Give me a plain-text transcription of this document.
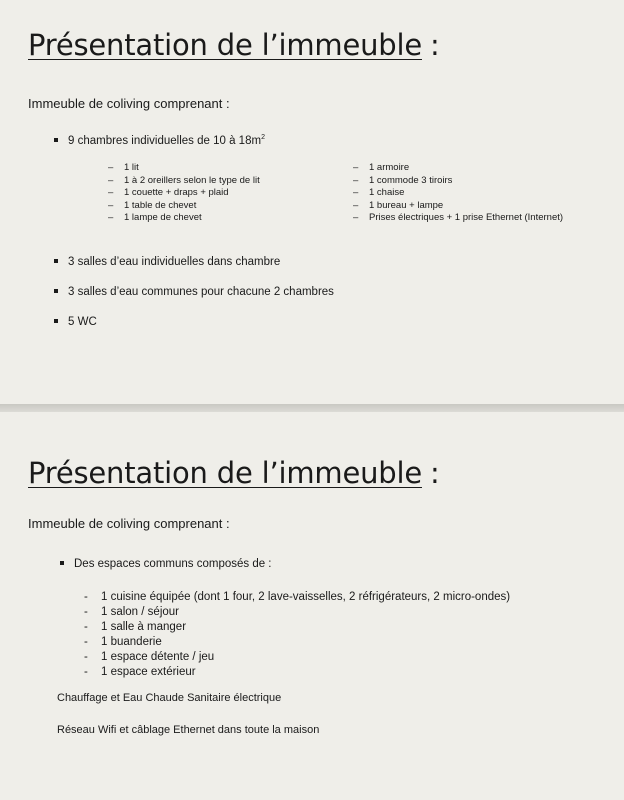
Présentation de l’immeuble :

Immeuble de coliving comprenant :

9 chambres individuelles de 10 à $18m^2$
– 1 lit
– 1 à 2 oreillers selon le type de lit
– 1 couette + draps + plaid
– 1 table de chevet
– 1 lampe de chevet
– 1 armoire
– 1 commode 3 tiroirs
– 1 chaise
– 1 bureau + lampe
– Prises électriques + 1 prise Ethernet (Internet)
3 salles d’eau individuelles dans chambre
3 salles d’eau communes pour chacune 2 chambres
5 WC
Présentation de l’immeuble :

Immeuble de coliving comprenant :

Des espaces communs composés de :
- 1 cuisine équipée (dont 1 four, 2 lave-vaisselles, 2 réfrigérateurs, 2 micro-ondes)
- 1 salon / séjour
- 1 salle à manger
- 1 buanderie
- 1 espace détente / jeu
- 1 espace extérieur
Chauffage et Eau Chaude Sanitaire électrique
Réseau Wifi et câblage Ethernet dans toute la maison
